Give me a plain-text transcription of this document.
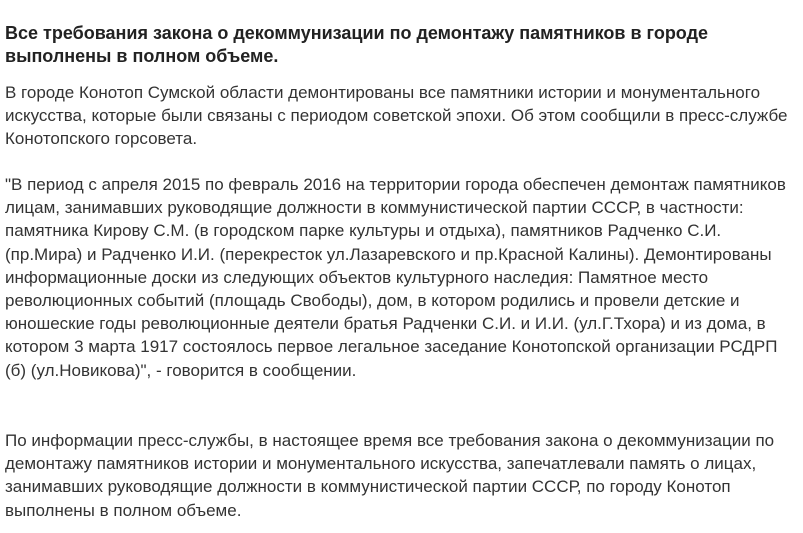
Все требования закона о декоммунизации по демонтажу памятников в городе выполнены в полном объеме.

В городе Конотоп Сумской области демонтированы все памятники истории и монументального искусства, которые были связаны с периодом советской эпохи. Об этом сообщили в пресс-службе Конотопского горсовета.

"В период с апреля 2015 по февраль 2016 на территории города обеспечен демонтаж памятников лицам, занимавших руководящие должности в коммунистической партии СССР, в частности: памятника Кирову С.М. (в городском парке культуры и отдыха), памятников Радченко С.И. (пр.Мира) и Радченко И.И. (перекресток ул.Лазаревского и пр.Красной Калины). Демонтированы информационные доски из следующих объектов культурного наследия: Памятное место революционных событий (площадь Свободы), дом, в котором родились и провели детские и юношеские годы революционные деятели братья Радченки С.И. и И.И. (ул.Г.Тхора) и из дома, в котором 3 марта 1917 состоялось первое легальное заседание Конотопской организации РСДРП (б) (ул.Новикова)", - говорится в сообщении.

По информации пресс-службы, в настоящее время все требования закона о декоммунизации по демонтажу памятников истории и монументального искусства, запечатлевали память о лицах, занимавших руководящие должности в коммунистической партии СССР, по городу Конотоп выполнены в полном объеме.
